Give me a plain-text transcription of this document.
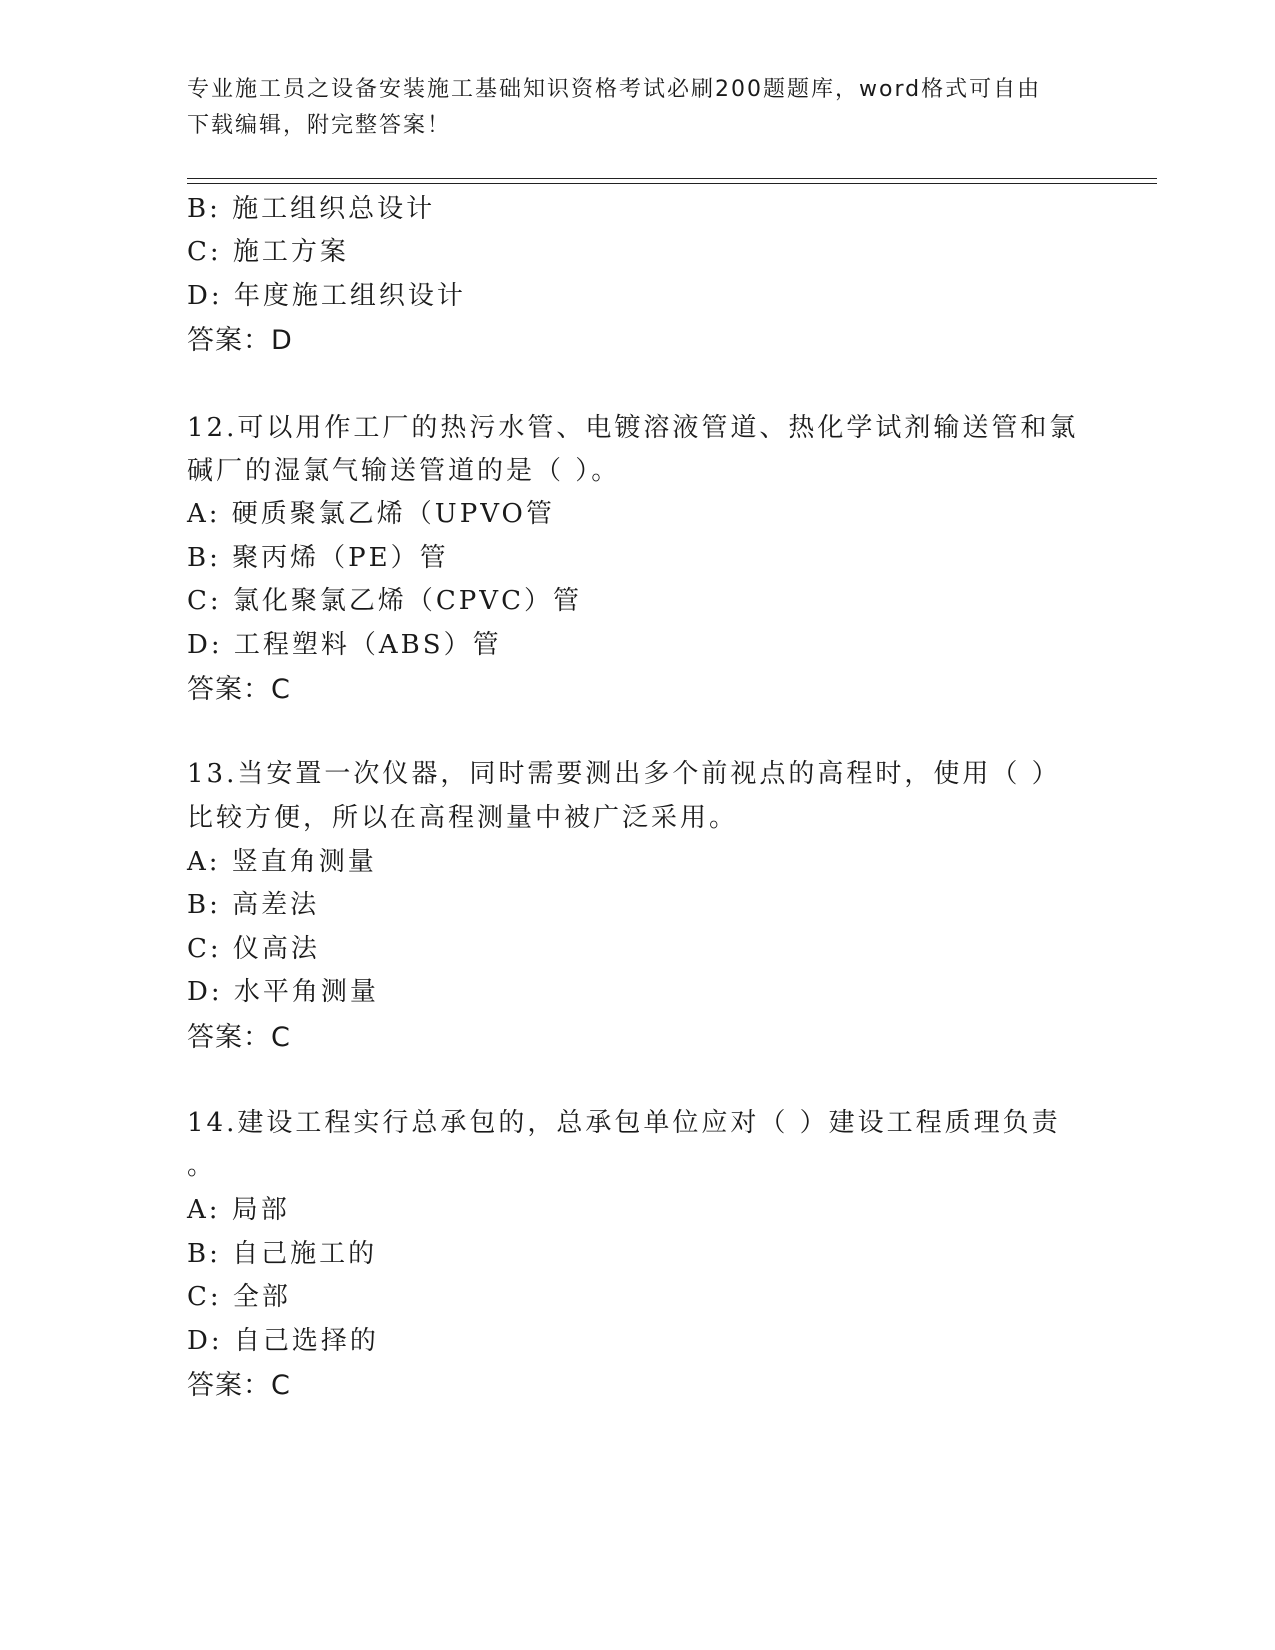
专业施工员之设备安装施工基础知识资格考试必刷200题题库，word格式可自由
下载编辑，附完整答案！
B: 施工组织总设计
C: 施工方案
D: 年度施工组织设计
答案：D
12.可以用作工厂的热污水管、电镀溶液管道、热化学试剂输送管和氯
碱厂的湿氯气输送管道的是（ ）。
A: 硬质聚氯乙烯（UPVO管
B: 聚丙烯（PE）管
C: 氯化聚氯乙烯（CPVC）管
D: 工程塑料（ABS）管
答案：C
13.当安置一次仪器，同时需要测出多个前视点的高程时，使用（ ）
比较方便，所以在高程测量中被广泛采用。
A: 竖直角测量
B: 高差法
C: 仪高法
D: 水平角测量
答案：C
14.建设工程实行总承包的，总承包单位应对（ ）建设工程质理负责
。
A: 局部
B: 自己施工的
C: 全部
D: 自己选择的
答案：C
